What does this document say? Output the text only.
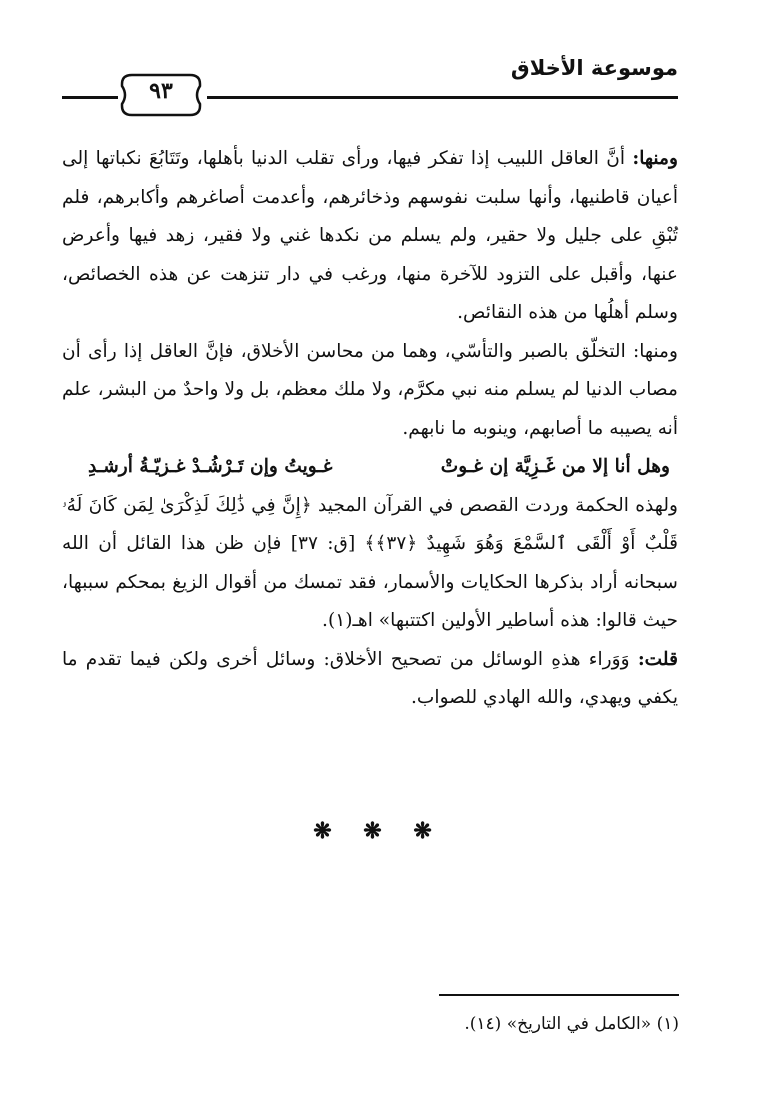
موسوعة الأخلاق
٩٣

ومنها: أنَّ العاقل اللبيب إذا تفكر فيها، ورأى تقلب الدنيا بأهلها، وتَتَابُعَ نكباتها إلى أعيان قاطنيها، وأنها سلبت نفوسهم وذخائرهم، وأعدمت أصاغرهم وأكابرهم، فلم تُبْقِ على جليل ولا حقير، ولم يسلم من نكدها غني ولا فقير، زهد فيها وأعرض عنها، وأقبل على التزود للآخرة منها، ورغب في دار تنزهت عن هذه الخصائص، وسلم أهلُها من هذه النقائص.

ومنها: التخلّق بالصبر والتأسّي، وهما من محاسن الأخلاق، فإنَّ العاقل إذا رأى أن مصاب الدنيا لم يسلم منه نبي مكرَّم، ولا ملك معظم، بل ولا واحدٌ من البشر، علم أنه يصيبه ما أصابهم، وينوبه ما نابهم.

وهل أنا إلا من غَـزِيَّة إن غـوتْ
غـويتُ وإن تَـرْشُـدْ غـزيّـةُ أرشـدِ

ولهذه الحكمة وردت القصص في القرآن المجيد ﴿إِنَّ فِي ذَٰلِكَ لَذِكْرَىٰ لِمَن كَانَ لَهُۥ قَلْبٌ أَوْ أَلْقَى ٱلسَّمْعَ وَهُوَ شَهِيدٌ ﴿٣٧﴾﴾ [ق: ٣٧] فإن ظن هذا القائل أن الله سبحانه أراد بذكرها الحكايات والأسمار، فقد تمسك من أقوال الزيغ بمحكم سببها، حيث قالوا: هذه أساطير الأولين اكتتبها» اهـ(١).

قلت: وَوَراء هذهِ الوسائل من تصحيح الأخلاق: وسائل أخرى ولكن فيما تقدم ما يكفي ويهدي، والله الهادي للصواب.

❋ ❋ ❋
(١) «الكامل في التاريخ» (١٤).
